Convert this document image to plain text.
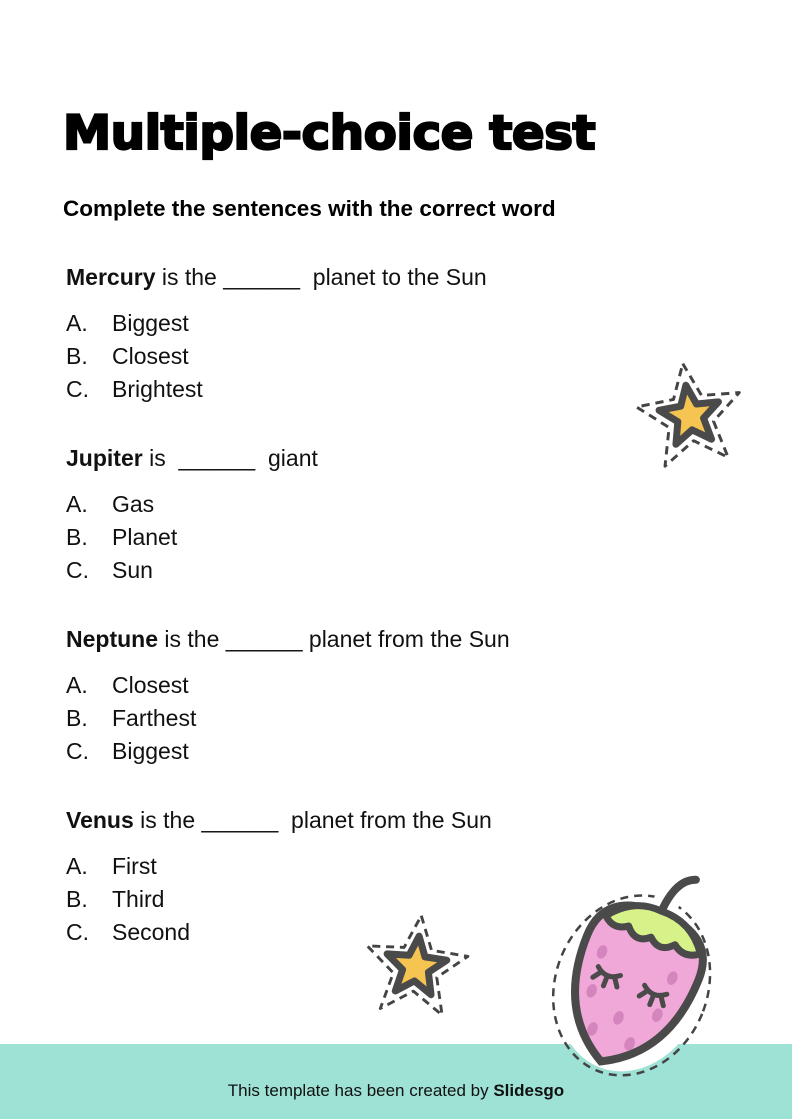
Multiple-choice test
Complete the sentences with the correct word
Mercury is the ______  planet to the Sun
A.	Biggest
B.	Closest
C.	Brightest
Jupiter is  ______  giant
A.	Gas
B.	Planet
C.	Sun
Neptune is the ______ planet from the Sun
A.	Closest
B.	Farthest
C.	Biggest
Venus is the ______  planet from the Sun
A.	First
B.	Third
C.	Second
This template has been created by Slidesgo
